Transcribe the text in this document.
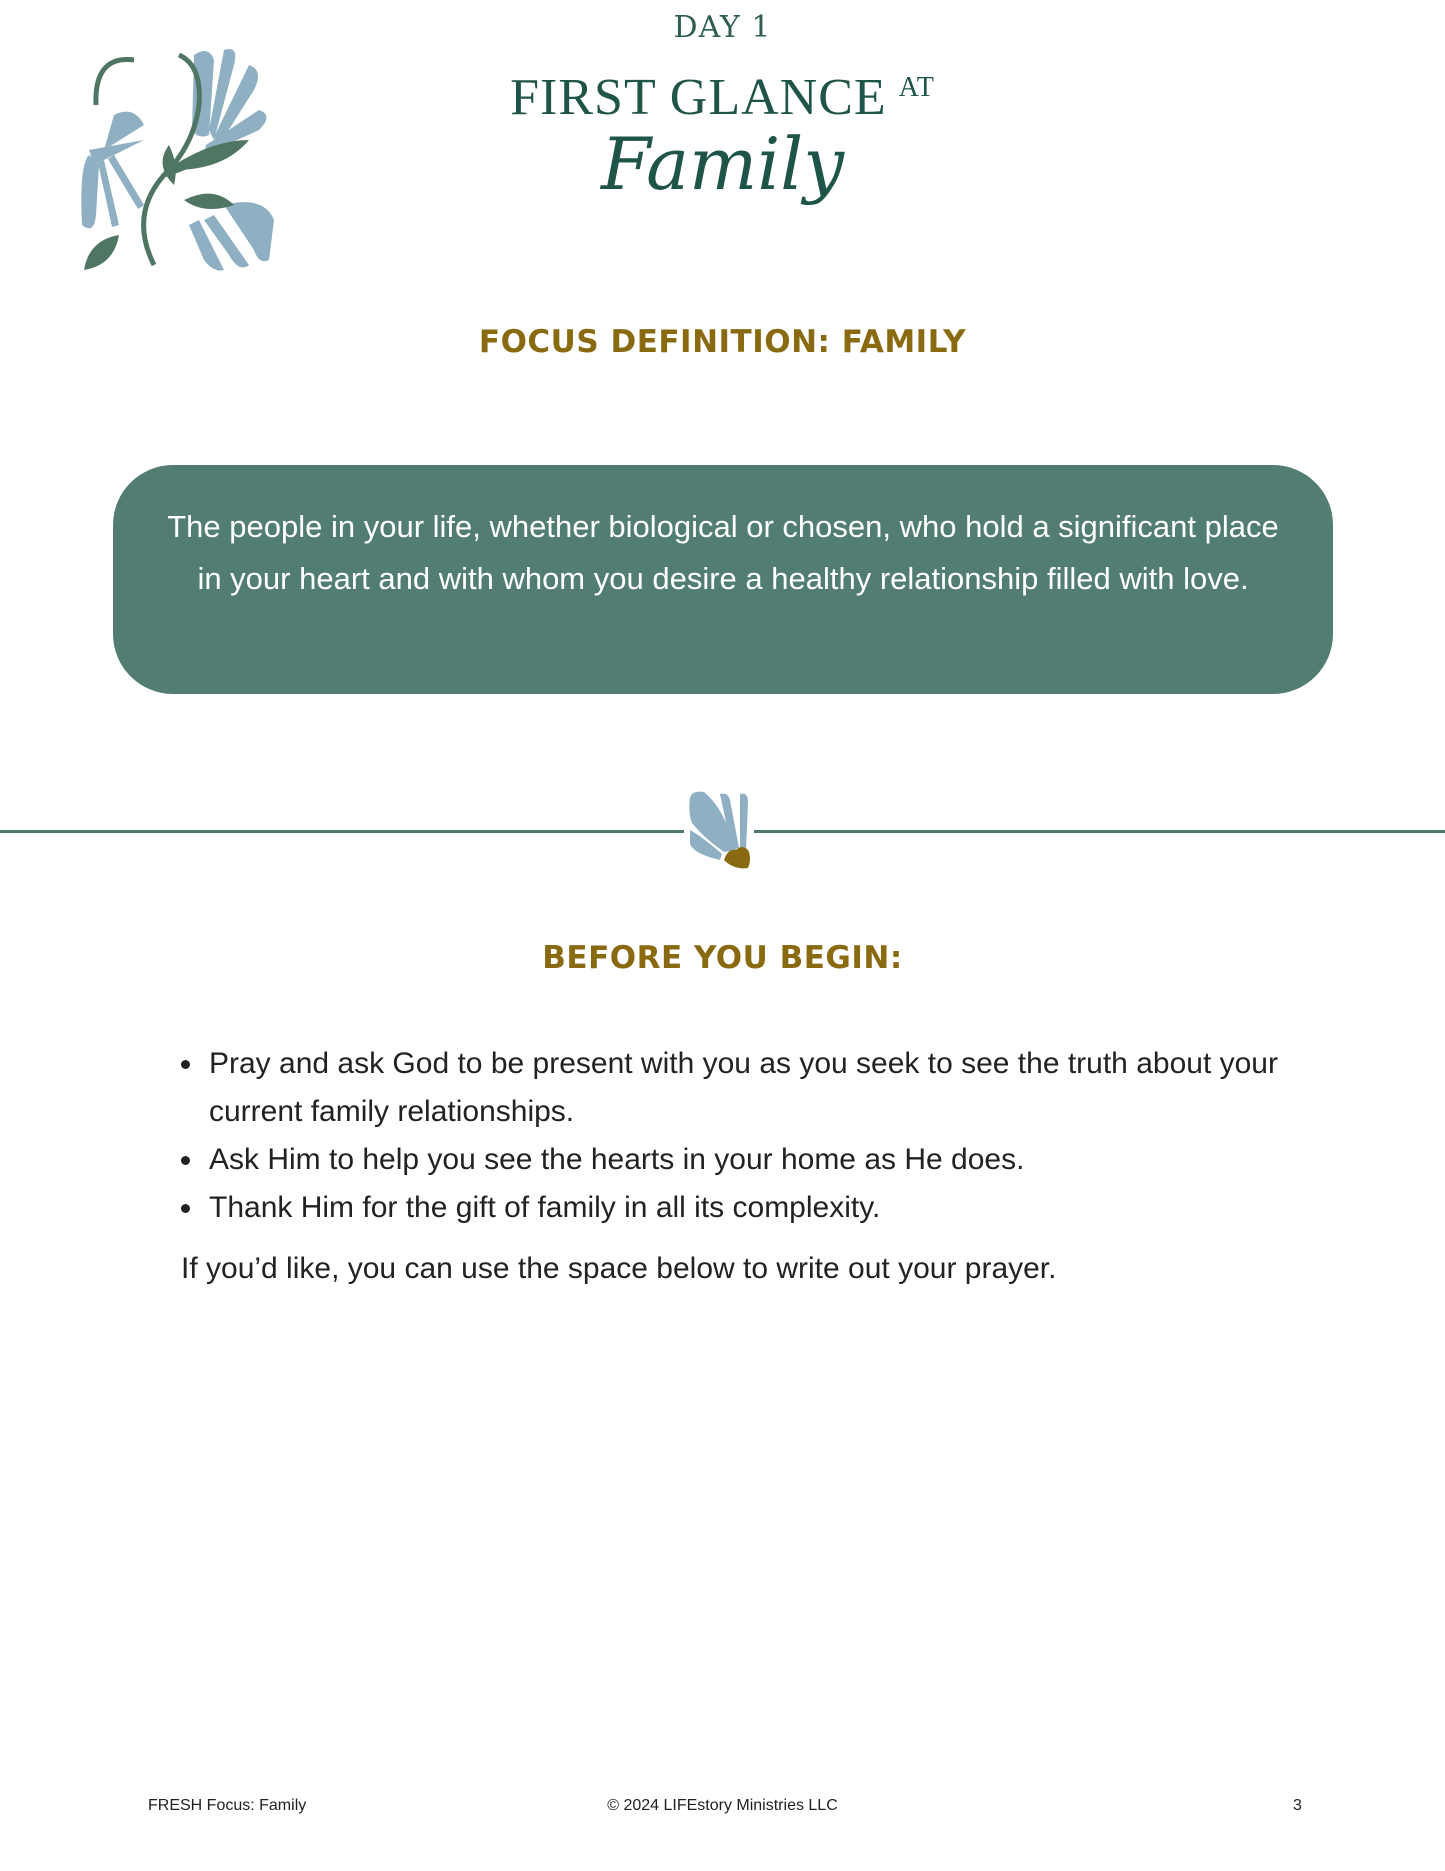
DAY 1
FIRST GLANCE $^{AT}$
Family
FOCUS DEFINITION: FAMILY
The people in your life, whether biological or chosen, who hold a significant place in your heart and with whom you desire a healthy relationship filled with love.
BEFORE YOU BEGIN:
• Pray and ask God to be present with you as you seek to see the truth about your current family relationships.
• Ask Him to help you see the hearts in your home as He does.
• Thank Him for the gift of family in all its complexity.
If you’d like, you can use the space below to write out your prayer.
FRESH Focus: Family	© 2024 LIFEstory Ministries LLC	3
